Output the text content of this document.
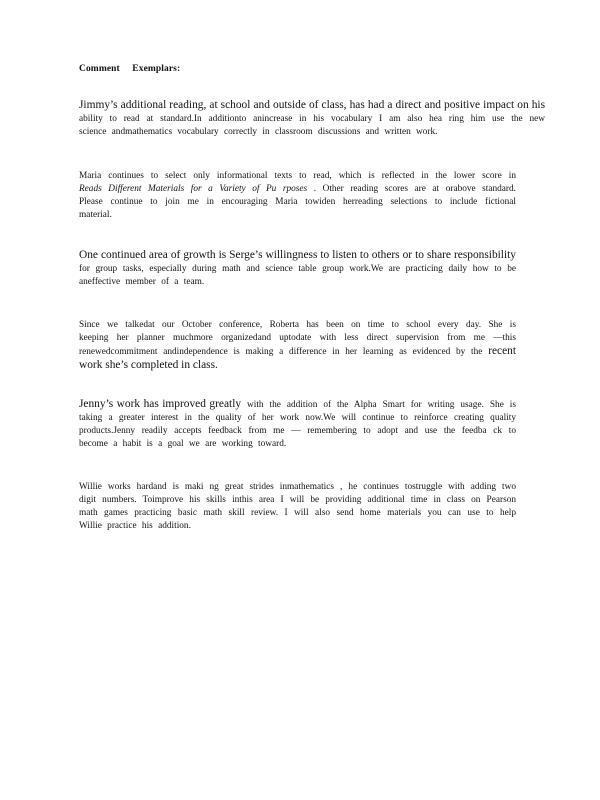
Comment Exemplars:
Jimmy’s additional reading, at school and outside of class, has had a direct and positive impact on his ability to read at standard.In additionto anincrease in his vocabulary I am also hea ring him use the new science andmathematics vocabulary correctly in classroom discussions and written work.
Maria continues to select only informational texts to read, which is reflected in the lower score in Reads Different Materials for a Variety of Pu rposes . Other reading scores are at orabove standard. Please continue to join me in encouraging Maria towiden herreading selections to include fictional material.
One continued area of growth is Serge’s willingness to listen to others or to share responsibility for group tasks, especially during math and science table group work.We are practicing daily how to be aneffective member of a team.
Since we talkedat our October conference, Roberta has been on time to school every day. She is keeping her planner muchmore organizedand uptodate with less direct supervision from me —this renewedcommitment andindependence is making a difference in her learning as evidenced by the recent work she’s completed in class.
Jenny’s work has improved greatly with the addition of the Alpha Smart for writing usage. She is taking a greater interest in the quality of her work now.We will continue to reinforce creating quality products.Jenny readily accepts feedback from me — remembering to adopt and use the feedba ck to become a habit is a goal we are working toward.
Willie works hardand is maki ng great strides inmathematics , he continues tostruggle with adding two digit numbers. Toimprove his skills inthis area I will be providing additional time in class on Pearson math games practicing basic math skill review. I will also send home materials you can use to help Willie practice his addition.
